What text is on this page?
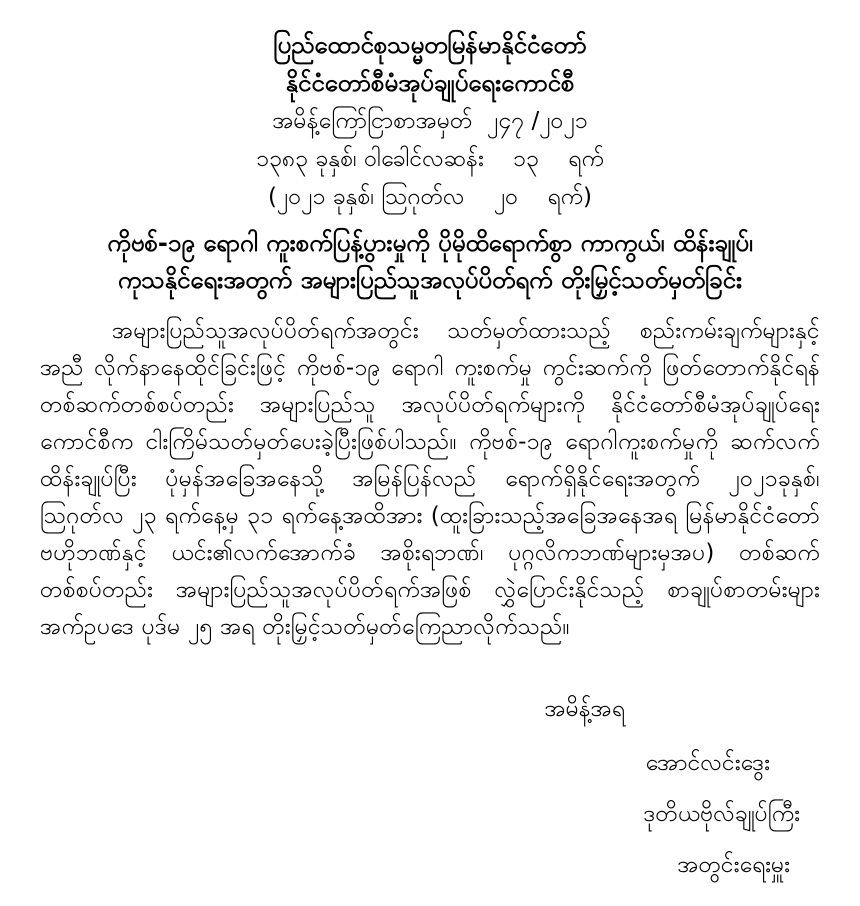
ပြည်ထောင်စုသမ္မတမြန်မာနိုင်ငံတော်
နိုင်ငံတော်စီမံအုပ်ချုပ်ရေးကောင်စီ
အမိန့်ကြော်ငြာစာအမှတ်  ၂၄၇ /၂၀၂၁
၁၃၈၃ ခုနှစ်၊ ဝါခေါင်လဆန်း    ၁၃    ရက်
(၂၀၂၁ ခုနှစ်၊ ဩဂုတ်လ    ၂၀    ရက်)
ကိုဗစ်-၁၉ ရောဂါ ကူးစက်ပြန့်ပွားမှုကို ပိုမိုထိရောက်စွာ ကာကွယ်၊ ထိန်းချုပ်၊
ကုသနိုင်ရေးအတွက် အများပြည်သူအလုပ်ပိတ်ရက် တိုးမြှင့်သတ်မှတ်ခြင်း
အများပြည်သူအလုပ်ပိတ်ရက်အတွင်း သတ်မှတ်ထားသည့် စည်းကမ်းချက်များနှင့် အညီ လိုက်နာနေထိုင်ခြင်းဖြင့် ကိုဗစ်-၁၉ ရောဂါ ကူးစက်မှု ကွင်းဆက်ကို ဖြတ်တောက်နိုင်ရန် တစ်ဆက်တစ်စပ်တည်း အများပြည်သူ အလုပ်ပိတ်ရက်များကို နိုင်ငံတော်စီမံအုပ်ချုပ်ရေး ကောင်စီက ငါးကြိမ်သတ်မှတ်ပေးခဲ့ပြီးဖြစ်ပါသည်။ ကိုဗစ်-၁၉ ရောဂါကူးစက်မှုကို ဆက်လက် ထိန်းချုပ်ပြီး ပုံမှန်အခြေအနေသို့ အမြန်ပြန်လည် ရောက်ရှိနိုင်ရေးအတွက် ၂၀၂၁ခုနှစ်၊ ဩဂုတ်လ ၂၃ ရက်နေ့မှ ၃၁ ရက်နေ့အထိအား (ထူးခြားသည့်အခြေအနေအရ မြန်မာနိုင်ငံတော် ဗဟိုဘဏ်နှင့် ယင်း၏လက်အောက်ခံ အစိုးရဘဏ်၊ ပုဂ္ဂလိကဘဏ်များမှအပ) တစ်ဆက်တစ်စပ်တည်း အများပြည်သူအလုပ်ပိတ်ရက်အဖြစ် လွှဲပြောင်းနိုင်သည့် စာချုပ်စာတမ်းများ အက်ဥပဒေ ပုဒ်မ ၂၅ အရ တိုးမြှင့်သတ်မှတ်ကြေညာလိုက်သည်။
အမိန့်အရ
အောင်လင်းဒွေး
ဒုတိယဗိုလ်ချုပ်ကြီး
အတွင်းရေးမှူး
